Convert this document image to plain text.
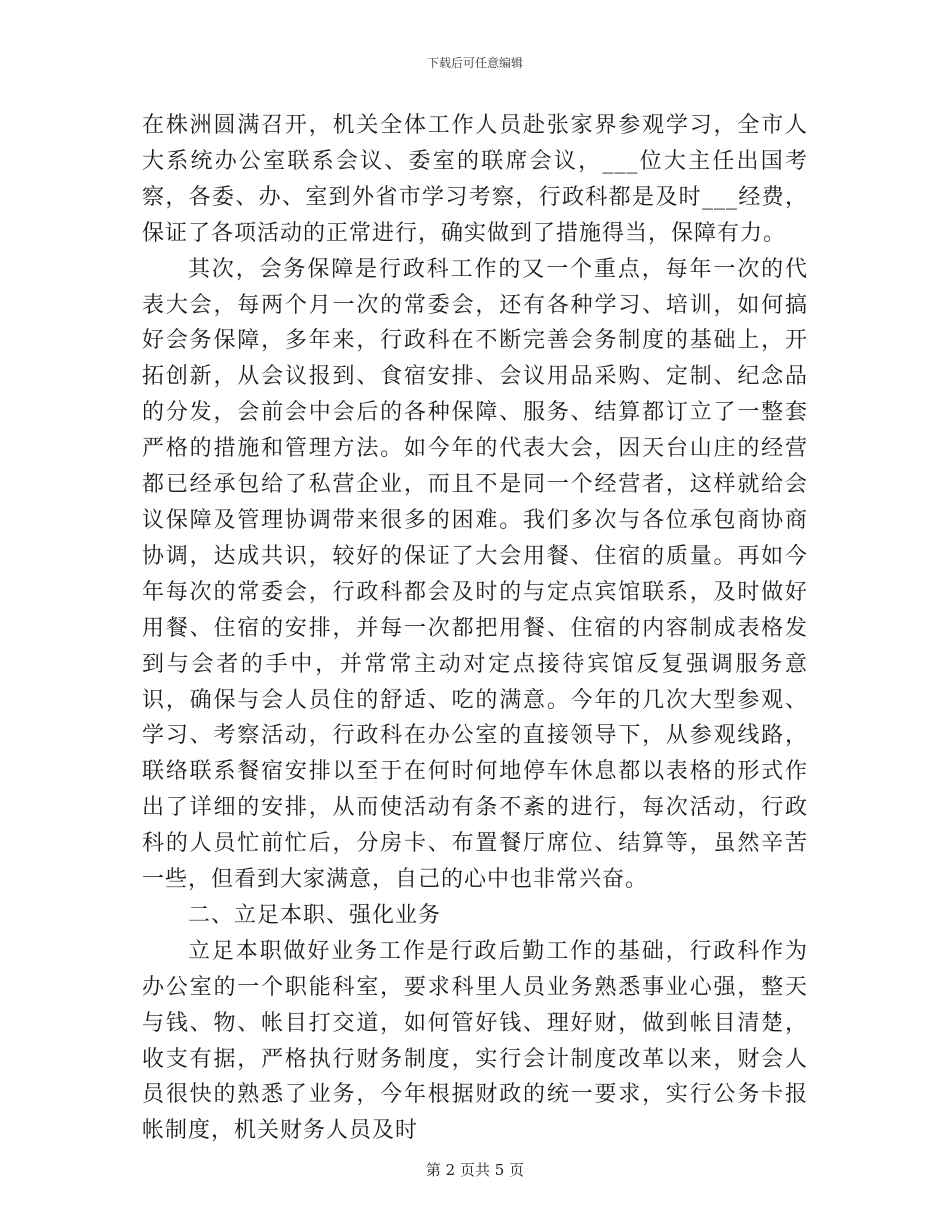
下载后可任意编辑

在株洲圆满召开，机关全体工作人员赴张家界参观学习，全市人大系统办公室联系会议、委室的联席会议，___位大主任出国考察，各委、办、室到外省市学习考察，行政科都是及时___经费，保证了各项活动的正常进行，确实做到了措施得当，保障有力。

其次，会务保障是行政科工作的又一个重点，每年一次的代表大会，每两个月一次的常委会，还有各种学习、培训，如何搞好会务保障，多年来，行政科在不断完善会务制度的基础上，开拓创新，从会议报到、食宿安排、会议用品采购、定制、纪念品的分发，会前会中会后的各种保障、服务、结算都订立了一整套严格的措施和管理方法。如今年的代表大会，因天台山庄的经营都已经承包给了私营企业，而且不是同一个经营者，这样就给会议保障及管理协调带来很多的困难。我们多次与各位承包商协商协调，达成共识，较好的保证了大会用餐、住宿的质量。再如今年每次的常委会，行政科都会及时的与定点宾馆联系，及时做好用餐、住宿的安排，并每一次都把用餐、住宿的内容制成表格发到与会者的手中，并常常主动对定点接待宾馆反复强调服务意识，确保与会人员住的舒适、吃的满意。今年的几次大型参观、学习、考察活动，行政科在办公室的直接领导下，从参观线路，联络联系餐宿安排以至于在何时何地停车休息都以表格的形式作出了详细的安排，从而使活动有条不紊的进行，每次活动，行政科的人员忙前忙后，分房卡、布置餐厅席位、结算等，虽然辛苦一些，但看到大家满意，自己的心中也非常兴奋。

二、立足本职、强化业务

立足本职做好业务工作是行政后勤工作的基础，行政科作为办公室的一个职能科室，要求科里人员业务熟悉事业心强，整天与钱、物、帐目打交道，如何管好钱、理好财，做到帐目清楚，收支有据，严格执行财务制度，实行会计制度改革以来，财会人员很快的熟悉了业务，今年根据财政的统一要求，实行公务卡报帐制度，机关财务人员及时

第 2 页共 5 页
